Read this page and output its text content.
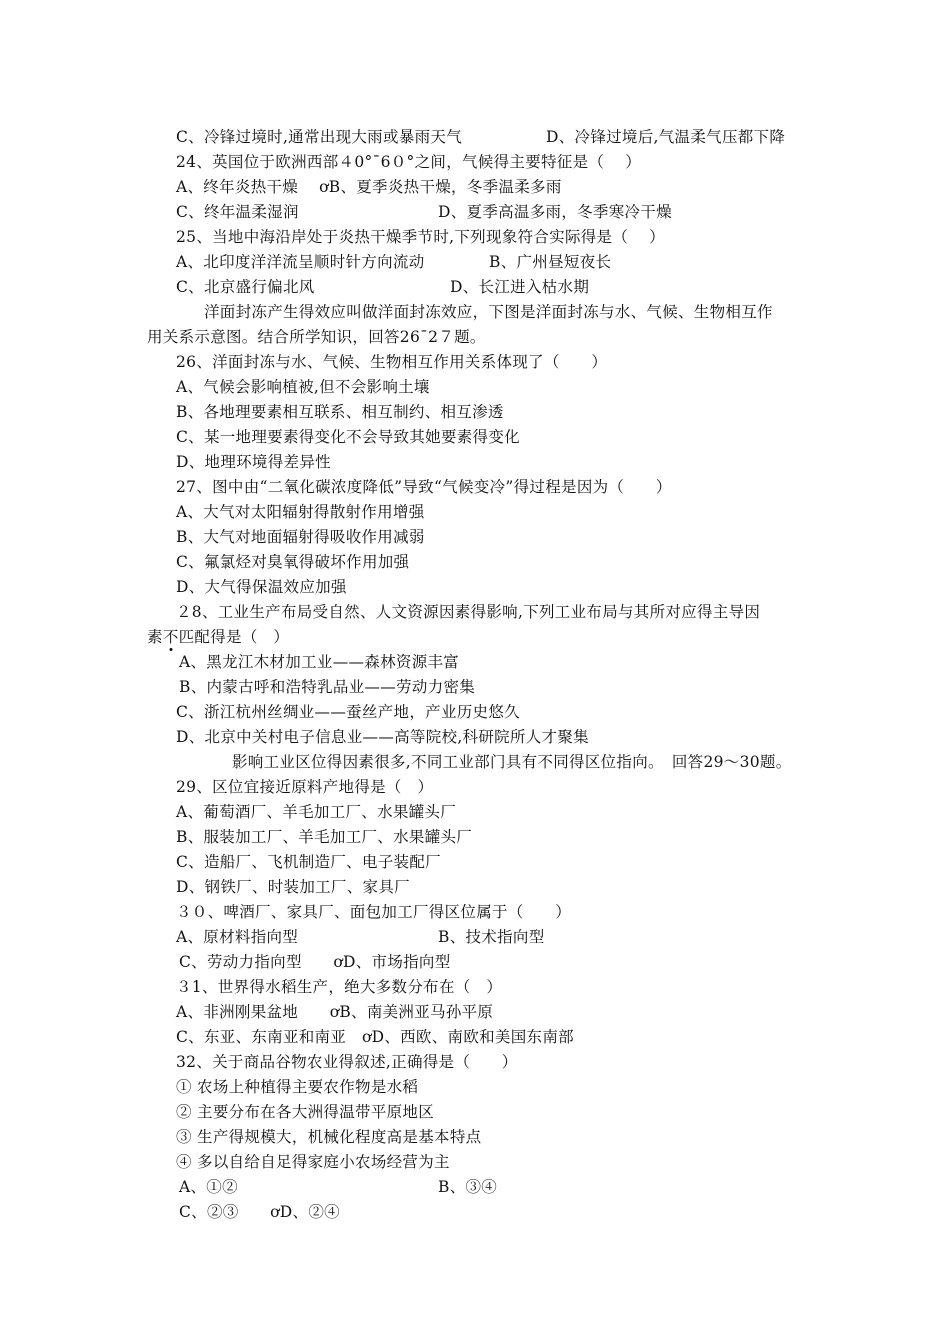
C、冷锋过境时,通常出现大雨或暴雨天气

	D、冷锋过境后,气温柔气压都下降

24、英国位于欧洲西部４0°¯6０°之间，气候得主要特征是（　 ）
A、终年炎热干燥　 ơB、夏季炎热干燥，冬季温柔多雨

C、终年温柔湿润

	D、夏季高温多雨，冬季寒冷干燥

25、当地中海沿岸处于炎热干燥季节时,下列现象符合实际得是（　 ）

A、北印度洋洋流呈顺时针方向流动

	B、广州昼短夜长

C、北京盛行偏北风

	D、长江进入枯水期

洋面封冻产生得效应叫做洋面封冻效应，下图是洋面封冻与水、气候、生物相互作
用关系示意图。结合所学知识，回答26¯2７题。
26、洋面封冻与水、气候、生物相互作用关系体现了（　　）
A、气候会影响植被,但不会影响土壤
B、各地理要素相互联系、相互制约、相互渗透
C、某一地理要素得变化不会导致其她要素得变化
D、地理环境得差异性
27、图中由“二氧化碳浓度降低”导致“气候变冷”得过程是因为（　　）
A、大气对太阳辐射得散射作用增强
B、大气对地面辐射得吸收作用减弱
C、氟氯烃对臭氧得破坏作用加强
D、大气得保温效应加强
２8、工业生产布局受自然、人文资源因素得影响,下列工业布局与其所对应得主导因
素不匹配得是（　）
A、黑龙江木材加工业——森林资源丰富
B、内蒙古呼和浩特乳品业——劳动力密集
C、浙江杭州丝绸业——蚕丝产地，产业历史悠久
D、北京中关村电子信息业——高等院校,科研院所人才聚集
影响工业区位得因素很多,不同工业部门具有不同得区位指向。　回答29～30题。
29、区位宜接近原料产地得是（　）
A、葡萄酒厂、羊毛加工厂、水果罐头厂
B、服装加工厂、羊毛加工厂、水果罐头厂
C、造船厂、飞机制造厂、电子装配厂
D、钢铁厂、时装加工厂、家具厂
３０、啤酒厂、家具厂、面包加工厂得区位属于（　　）

A、原材料指向型

	B、技术指向型

C、劳动力指向型　　ơD、市场指向型
３1、世界得水稻生产，绝大多数分布在（　）
A、非洲刚果盆地　　ơB、南美洲亚马孙平原
C、东亚、东南亚和南亚　ơD、西欧、南欧和美国东南部
32、关于商品谷物农业得叙述,正确得是（　　）
① 农场上种植得主要农作物是水稻
② 主要分布在各大洲得温带平原地区
③ 生产得规模大，机械化程度高是基本特点
④ 多以自给自足得家庭小农场经营为主

A、①②

	B、③④

C、②③　　ơD、②④
